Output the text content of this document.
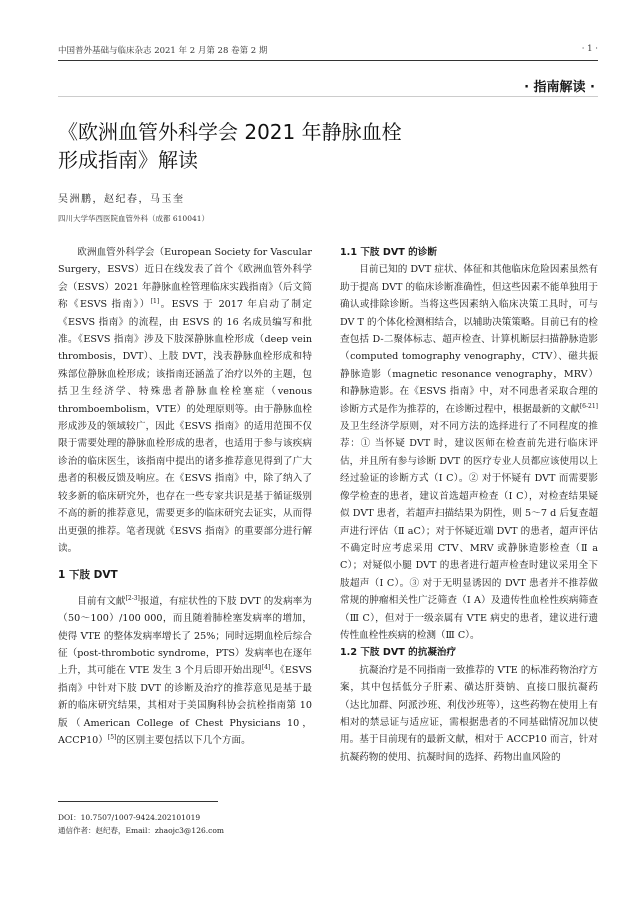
中国普外基础与临床杂志 2021 年 2 月第 28 卷第 2 期	· 1 ·
· 指南解读 ·
《欧洲血管外科学会 2021 年静脉血栓
形成指南》解读
吴洲鹏，赵纪春，马玉奎
四川大学华西医院血管外科（成都 610041）

欧洲血管外科学会（European Society for Vascular Surgery，ESVS）近日在线发表了首个《欧洲血管外科学会（ESVS）2021 年静脉血栓管理临床实践指南》（后文简称《ESVS 指南》）[1]。ESVS 于 2017 年启动了制定《ESVS 指南》的流程，由 ESVS 的 16 名成员编写和批准。《ESVS 指南》涉及下肢深静脉血栓形成（deep vein thrombosis，DVT）、上肢 DVT，浅表静脉血栓形成和特殊部位静脉血栓形成；该指南还涵盖了治疗以外的主题，包括卫生经济学、特殊患者静脉血栓栓塞症（venous thromboembolism，VTE）的处理原则等。由于静脉血栓形成涉及的领域较广，因此《ESVS 指南》的适用范围不仅限于需要处理的静脉血栓形成的患者，也适用于参与该疾病诊治的临床医生，该指南中提出的诸多推荐意见得到了广大患者的积极反馈及响应。在《ESVS 指南》中，除了纳入了较多新的临床研究外，也存在一些专家共识是基于循证级别不高的新的推荐意见，需要更多的临床研究去证实，从而得出更强的推荐。笔者现就《ESVS 指南》的重要部分进行解读。

1 下肢 DVT

目前有文献[2-3]报道，有症状性的下肢 DVT 的发病率为（50～100）/100 000，而且随着肺栓塞发病率的增加，使得 VTE 的整体发病率增长了 25%；同时远期血栓后综合征（post-thrombotic syndrome，PTS）发病率也在逐年上升，其可能在 VTE 发生 3 个月后即开始出现[4]。《ESVS 指南》中针对下肢 DVT 的诊断及治疗的推荐意见是基于最新的临床研究结果，其相对于美国胸科协会抗栓指南第 10 版（American College of Chest Physicians 10，ACCP10）[5]的区别主要包括以下几个方面。

1.1 下肢 DVT 的诊断

目前已知的 DVT 症状、体征和其他临床危险因素虽然有助于提高 DVT 的临床诊断准确性，但这些因素不能单独用于确认或排除诊断。当将这些因素纳入临床决策工具时，可与 DV T 的个体化检测相结合，以辅助决策策略。目前已有的检查包括 D-二聚体标志、超声检查、计算机断层扫描静脉造影（computed tomography venography，CTV）、磁共振静脉造影（magnetic resonance venography，MRV）和静脉造影。在《ESVS 指南》中，对不同患者采取合理的诊断方式是作为推荐的，在诊断过程中，根据最新的文献[6-21]及卫生经济学原则，对不同方法的选择进行了不同程度的推荐：① 当怀疑 DVT 时，建议医师在检查前先进行临床评估，并且所有参与诊断 DVT 的医疗专业人员都应该使用以上经过验证的诊断方式（Ⅰ C）。② 对于怀疑有 DVT 而需要影像学检查的患者，建议首选超声检查（Ⅰ C），对检查结果疑似 DVT 患者，若超声扫描结果为阴性，则 5～7 d 后复查超声进行评估（Ⅱ aC）；对于怀疑近端 DVT 的患者，超声评估不确定时应考虑采用 CTV、MRV 或静脉造影检查（Ⅱ a C）；对疑似小腿 DVT 的患者进行超声检查时建议采用全下肢超声（Ⅰ C）。③ 对于无明显诱因的 DVT 患者并不推荐做常规的肿瘤相关性广泛筛查（Ⅰ A）及遗传性血栓性疾病筛查（Ⅲ C），但对于一级亲属有 VTE 病史的患者，建议进行遗传性血栓性疾病的检测（Ⅲ C）。

1.2 下肢 DVT 的抗凝治疗

抗凝治疗是不同指南一致推荐的 VTE 的标准药物治疗方案，其中包括低分子肝素、磺达肝葵钠、直接口服抗凝药（达比加群、阿派沙班、利伐沙班等），这些药物在使用上有相对的禁忌证与适应证，需根据患者的不同基础情况加以使用。基于目前现有的最新文献，相对于 ACCP10 而言，针对抗凝药物的使用、抗凝时间的选择、药物出血风险的

DOI：10.7507/1007-9424.202101019
通信作者：赵纪春，Email：zhaojc3@126.com
